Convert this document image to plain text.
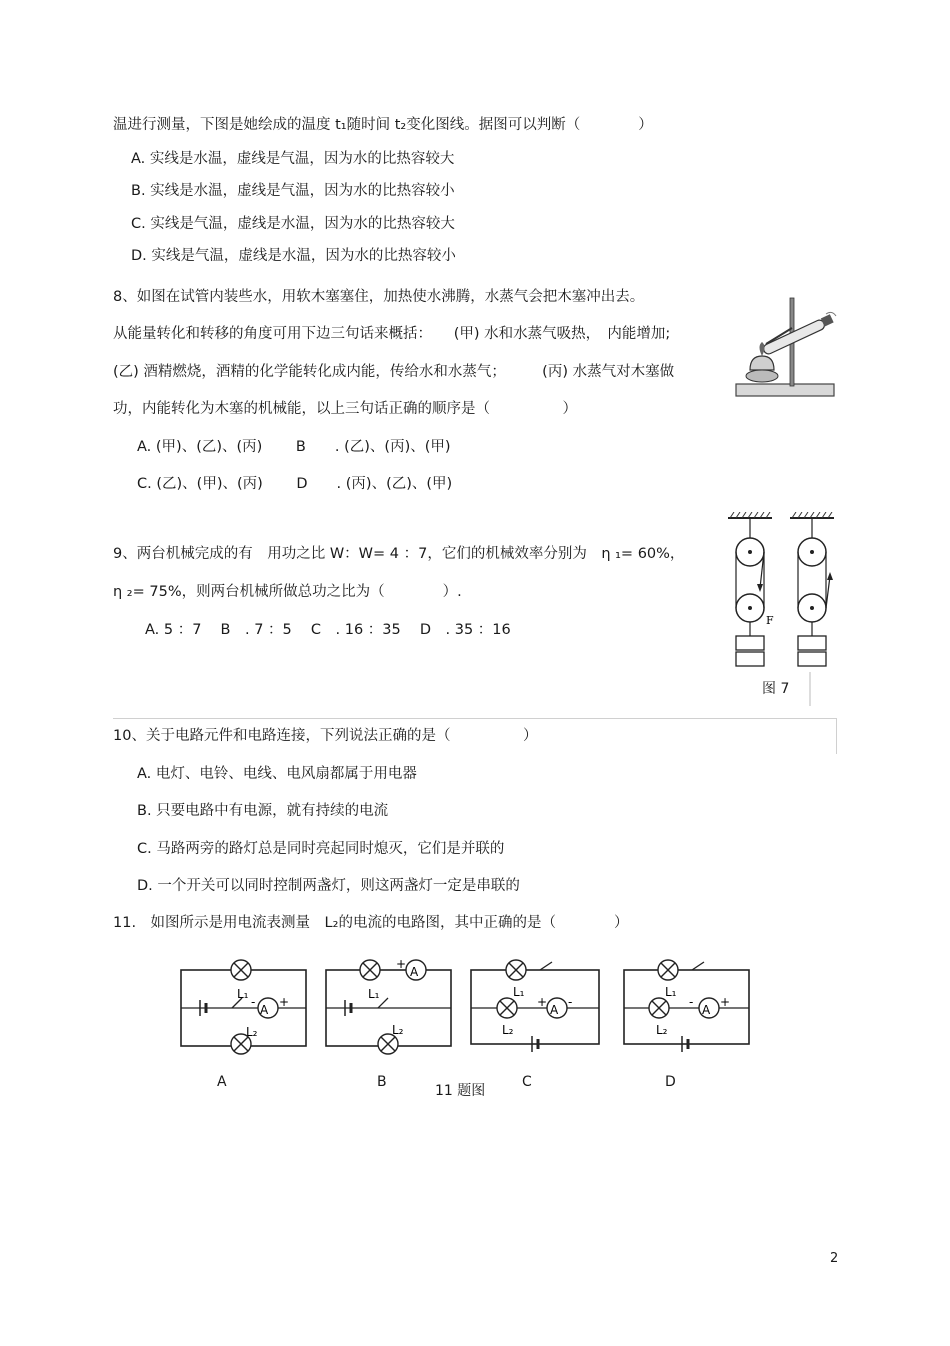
温进行测量，下图是她绘成的温度 t₁随时间 t₂变化图线。据图可以判断（　　　　）
A. 实线是水温，虚线是气温，因为水的比热容较大
B. 实线是水温，虚线是气温，因为水的比热容较小
C. 实线是气温，虚线是水温，因为水的比热容较大
D. 实线是气温，虚线是水温，因为水的比热容较小
8、如图在试管内装些水，用软木塞塞住，加热使水沸腾，水蒸气会把木塞冲出去。
从能量转化和转移的角度可用下边三句话来概括：　　(甲) 水和水蒸气吸热，　内能增加;
(乙) 酒精燃烧，酒精的化学能转化成内能，传给水和水蒸气；　　　(丙) 水蒸气对木塞做
功，内能转化为木塞的机械能，以上三句话正确的顺序是（　　　　　）
A. (甲)、(乙)、(丙)　　 B　　. (乙)、(丙)、(甲)
C. (乙)、(甲)、(丙)　　 D　　. (丙)、(乙)、(甲)
9、两台机械完成的有　用功之比 W：W= 4 ：7，它们的机械效率分别为　η ₁= 60%，
η ₂= 75%，则两台机械所做总功之比为（　　　　）.
A. 5 ：7　 B　. 7 ：5　 C　. 16 ：35　 D　. 35 ：16
F
图 7
10、关于电路元件和电路连接，下列说法正确的是（　　　　　）
A. 电灯、电铃、电线、电风扇都属于用电器
B. 只要电路中有电源，就有持续的电流
C. 马路两旁的路灯总是同时亮起同时熄灭，它们是并联的
D. 一个开关可以同时控制两盏灯，则这两盏灯一定是串联的
11.　如图所示是用电流表测量　L₂的电流的电路图，其中正确的是（　　　　）
A
L₁
L₂
- +
A
+
L₁
L₂
A
+ -
L₁
L₂
A
- +
L₁
L₂
A	B
11 题图
C	D
2
